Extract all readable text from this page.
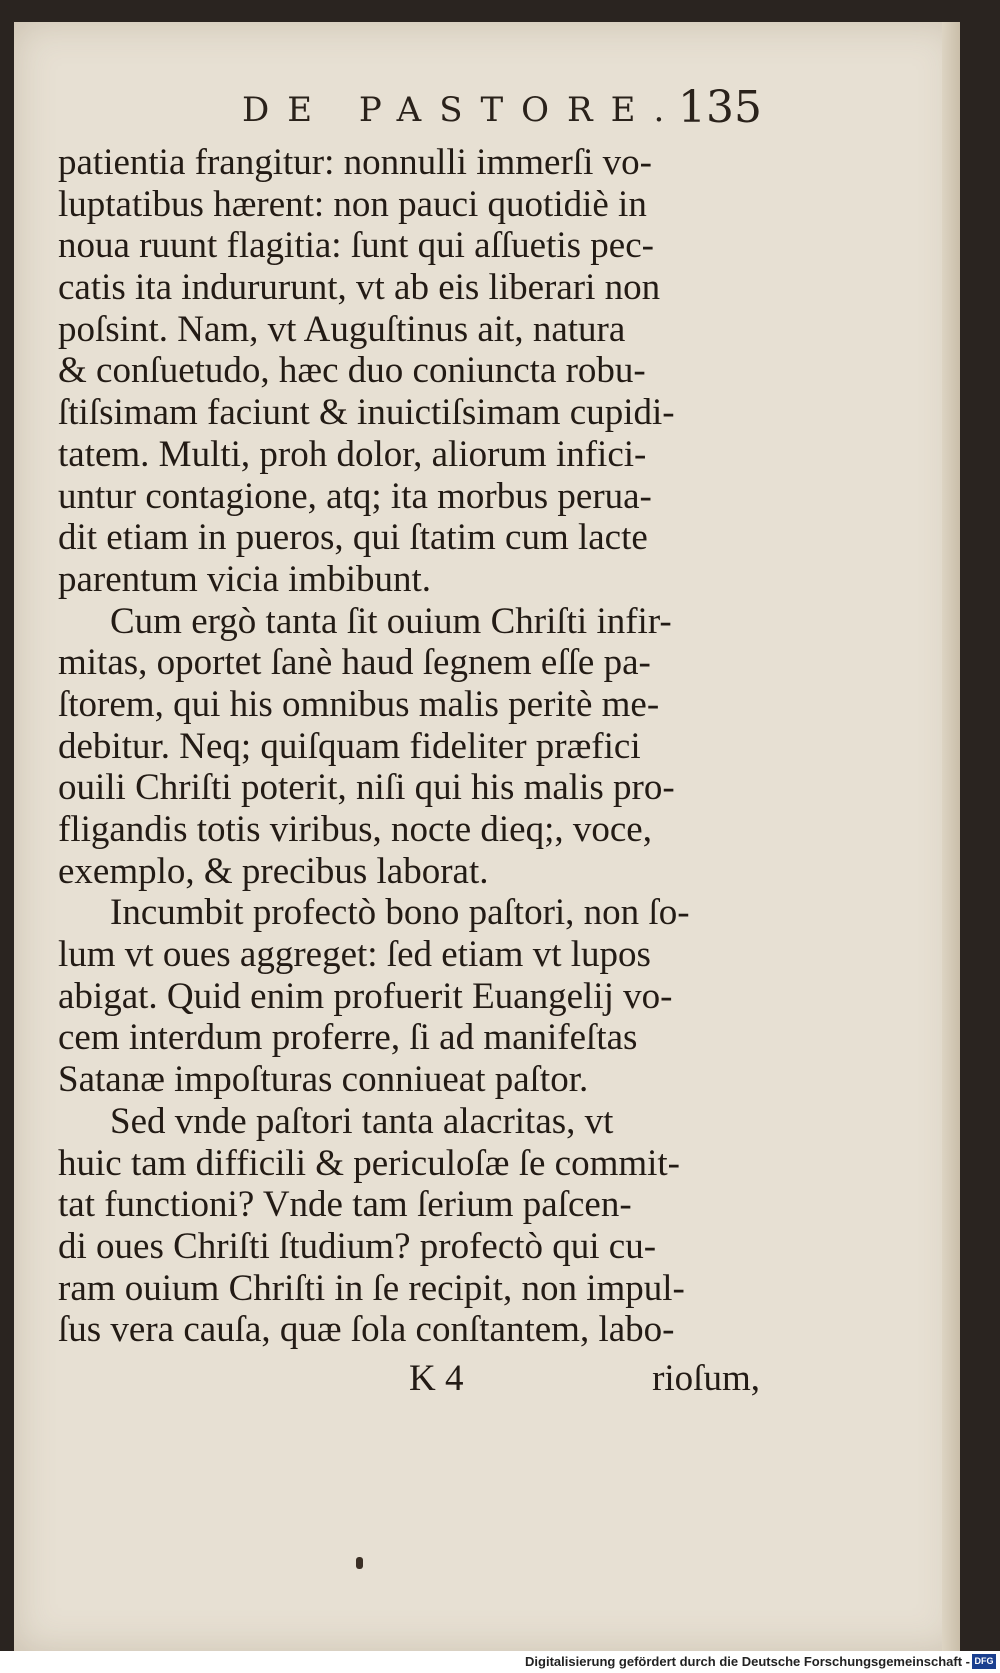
DE PASTORE.
135
patientia frangitur: nonnulli immerſi vo-
luptatibus hærent: non pauci quotidiè in
noua ruunt flagitia: ſunt qui aſſuetis pec-
catis ita indururunt, vt ab eis liberari non
poſsint. Nam, vt Auguſtinus ait, natura
& conſuetudo, hæc duo coniuncta robu-
ſtiſsimam faciunt & inuictiſsimam cupidi-
tatem. Multi, proh dolor, aliorum infici-
untur contagione, atq; ita morbus perua-
dit etiam in pueros, qui ſtatim cum lacte
parentum vicia imbibunt.
Cum ergò tanta ſit ouium Chriſti infir-
mitas, oportet ſanè haud ſegnem eſſe pa-
ſtorem, qui his omnibus malis peritè me-
debitur. Neq; quiſquam fideliter præfici
ouili Chriſti poterit, niſi qui his malis pro-
fligandis totis viribus, nocte dieq;, voce,
exemplo, & precibus laborat.
Incumbit profectò bono paſtori, non ſo-
lum vt oues aggreget: ſed etiam vt lupos
abigat. Quid enim profuerit Euangelij vo-
cem interdum proferre, ſi ad manifeſtas
Satanæ impoſturas conniueat paſtor.
Sed vnde paſtori tanta alacritas, vt
huic tam difficili & periculoſæ ſe commit-
tat functioni? Vnde tam ſerium paſcen-
di oues Chriſti ſtudium? profectò qui cu-
ram ouium Chriſti in ſe recipit, non impul-
ſus vera cauſa, quæ ſola conſtantem, labo-
K 4	rioſum,
Digitalisierung gefördert durch die Deutsche Forschungsgemeinschaft - DFG
